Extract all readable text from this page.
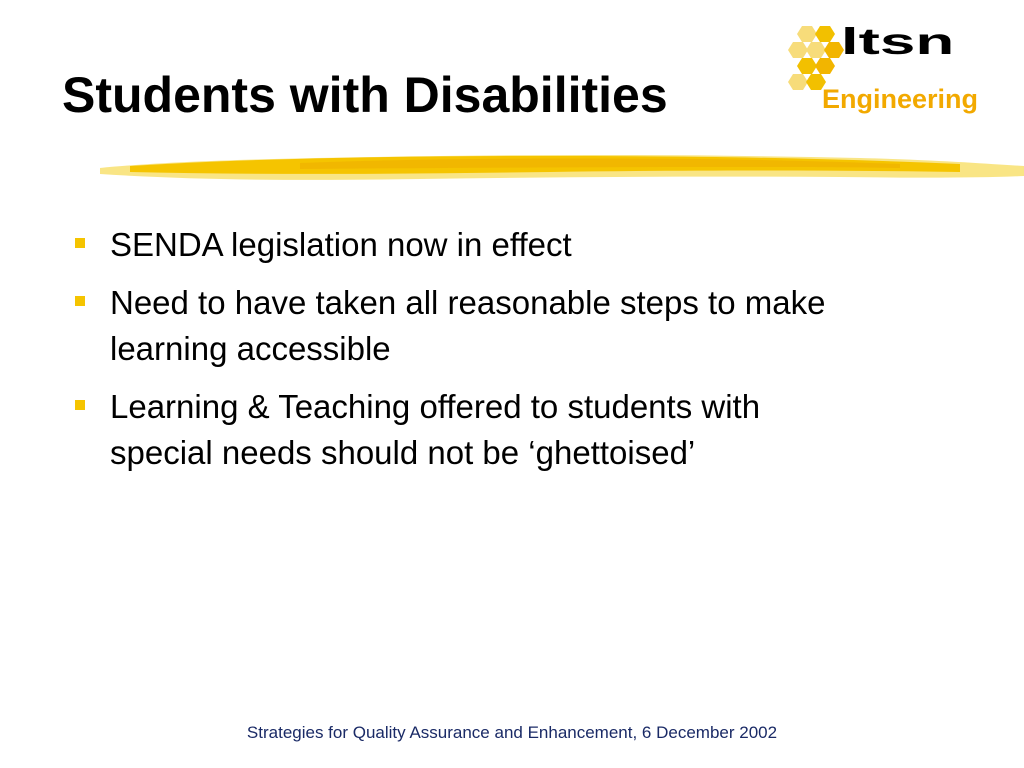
Students with Disabilities
ltsn
Engineering
SENDA legislation now in effect
Need to have taken all reasonable steps to make learning accessible
Learning & Teaching offered to students with special needs should not be ‘ghettoised’
Strategies for Quality Assurance and Enhancement, 6 December 2002
